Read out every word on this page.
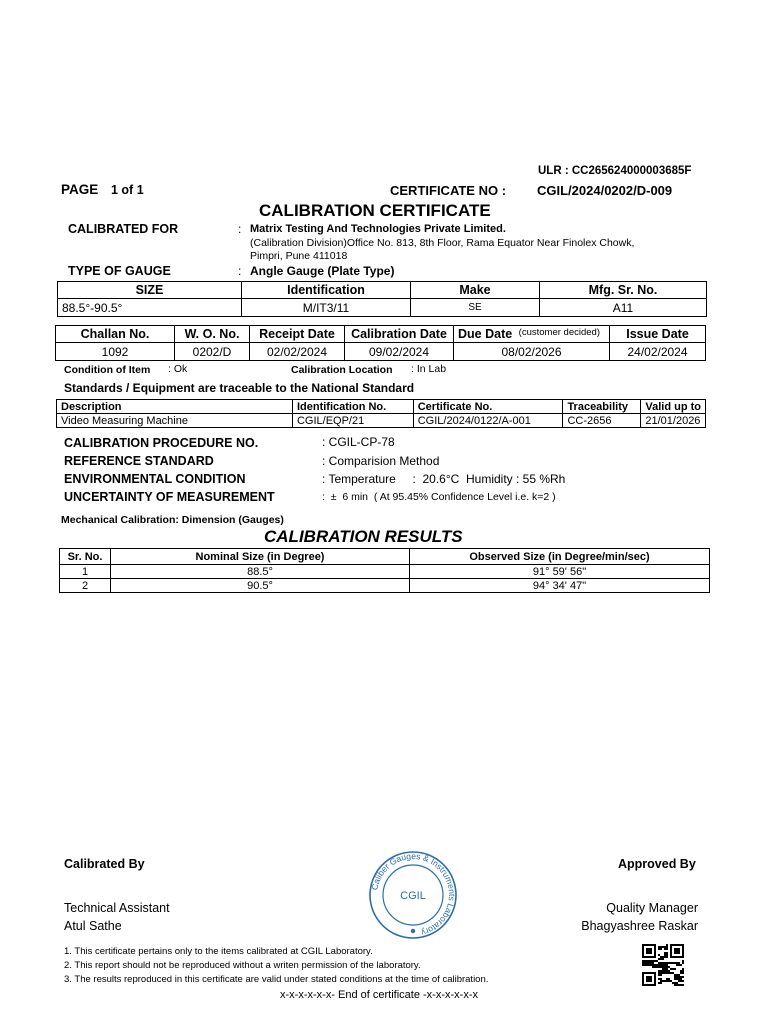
ULR : CC265624000003685F
PAGE 1 of 1	CERTIFICATE NO : CGIL/2024/0202/D-009
CALIBRATION CERTIFICATE
CALIBRATED FOR	: Matrix Testing And Technologies Private Limited.
(Calibration Division)Office No. 813, 8th Floor, Rama Equator Near Finolex Chowk,
Pimpri, Pune 411018
TYPE OF GAUGE	: Angle Gauge (Plate Type)
SIZE	Identification	Make	Mfg. Sr. No.
88.5°-90.5°	M/IT3/11	SE	A11
Challan No.	W. O. No.	Receipt Date	Calibration Date	Due Date $^{(customer decided)}$	Issue Date
1092	0202/D	02/02/2024	09/02/2024	08/02/2026	24/02/2024
Condition of Item : Ok	Calibration Location : In Lab
Standards / Equipment are traceable to the National Standard
Description	Identification No.	Certificate No.	Traceability	Valid up to
Video Measuring Machine	CGIL/EQP/21	CGIL/2024/0122/A-001	CC-2656	21/01/2026
CALIBRATION PROCEDURE NO.	: CGIL-CP-78
REFERENCE STANDARD	: Comparision Method
ENVIRONMENTAL CONDITION	: Temperature     :  20.6°C  Humidity : 55 %Rh
UNCERTAINTY OF MEASUREMENT	:  ±  6 min  ( At 95.45% Confidence Level i.e. k=2 )
Mechanical Calibration: Dimension (Gauges)
CALIBRATION RESULTS
Sr. No.	Nominal Size (in Degree)	Observed Size (in Degree/min/sec)
1	88.5°	91° 59' 56"
2	90.5°	94° 34' 47"
Calibrated By	Approved By
Technical Assistant
Atul Sathe
Quality Manager
Bhagyashree Raskar
Caliber Gauges & Instruments Laboratory
CGIL
1. This certificate pertains only to the items calibrated at CGIL Laboratory.
2. This report should not be reproduced without a writen permission of the laboratory.
3. The results reproduced in this certificate are valid under stated conditions at the time of calibration.
x-x-x-x-x-x- End of certificate -x-x-x-x-x-x
